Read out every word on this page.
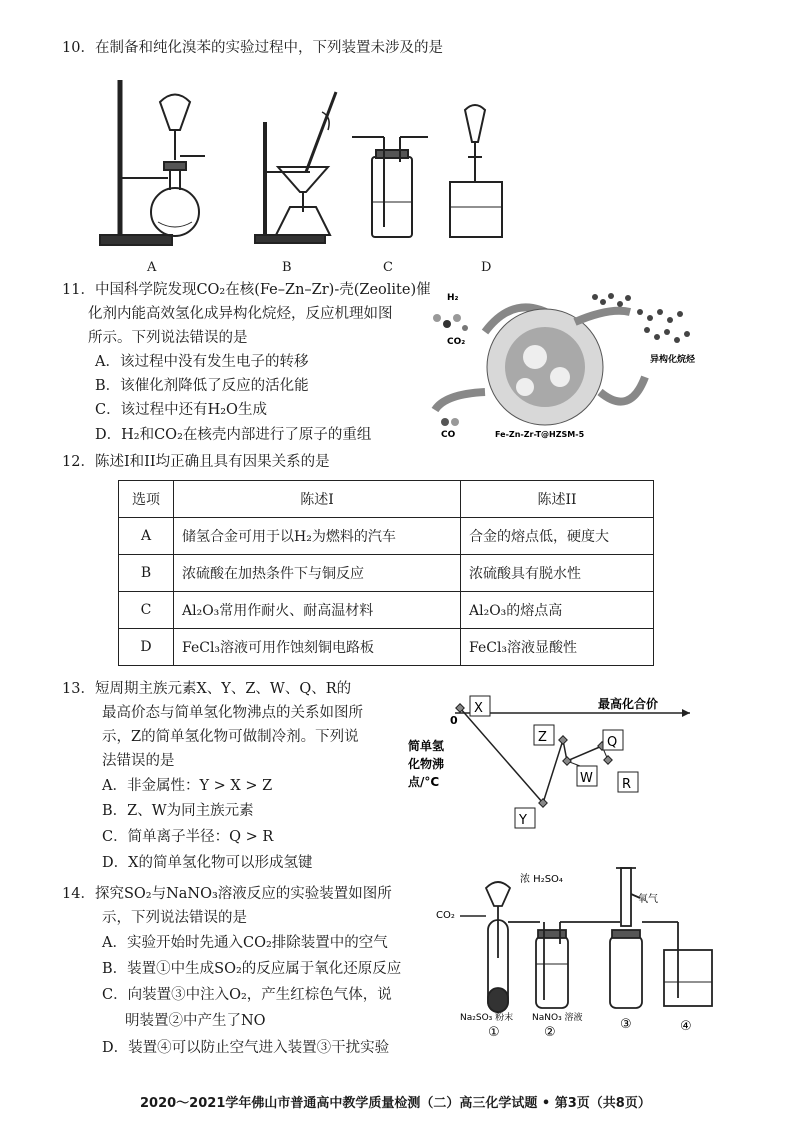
10．在制备和纯化溴苯的实验过程中，下列装置未涉及的是
A	B	C	D
11．中国科学院发现CO₂在核(Fe–Zn–Zr)-壳(Zeolite)催
化剂内能高效氢化成异构化烷烃，反应机理如图
所示。下列说法错误的是
A．该过程中没有发生电子的转移
B．该催化剂降低了反应的活化能
C．该过程中还有H₂O生成
D．H₂和CO₂在核壳内部进行了原子的重组
H₂
CO₂
CO
异构化烷烃
Fe-Zn-Zr-T@HZSM-5
12．陈述I和II均正确且具有因果关系的是
选项	陈述I	陈述II
A	储氢合金可用于以H₂为燃料的汽车	合金的熔点低，硬度大
B	浓硫酸在加热条件下与铜反应	浓硫酸具有脱水性
C	Al₂O₃常用作耐火、耐高温材料	Al₂O₃的熔点高
D	FeCl₃溶液可用作蚀刻铜电路板	FeCl₃溶液显酸性
13．短周期主族元素X、Y、Z、W、Q、R的
最高价态与简单氢化物沸点的关系如图所
示，Z的简单氢化物可做制冷剂。下列说
法错误的是
A．非金属性：Y > X > Z
B．Z、W为同主族元素
C．简单离子半径：Q > R
D．X的简单氢化物可以形成氢键
0
最高化合价
简单氢
化物沸
点/°C
X
Z	Q
W R
Y
14．探究SO₂与NaNO₃溶液反应的实验装置如图所
示，下列说法错误的是
A．实验开始时先通入CO₂排除装置中的空气
B．装置①中生成SO₂的反应属于氧化还原反应
C．向装置③中注入O₂，产生红棕色气体，说
明装置②中产生了NO
D．装置④可以防止空气进入装置③干扰实验
CO₂
浓 H₂SO₄
氧气
Na₂SO₃ 粉末 NaNO₃ 溶液
①	②
③	④
2020～2021学年佛山市普通高中教学质量检测（二）高三化学试题 • 第3页（共8页）
